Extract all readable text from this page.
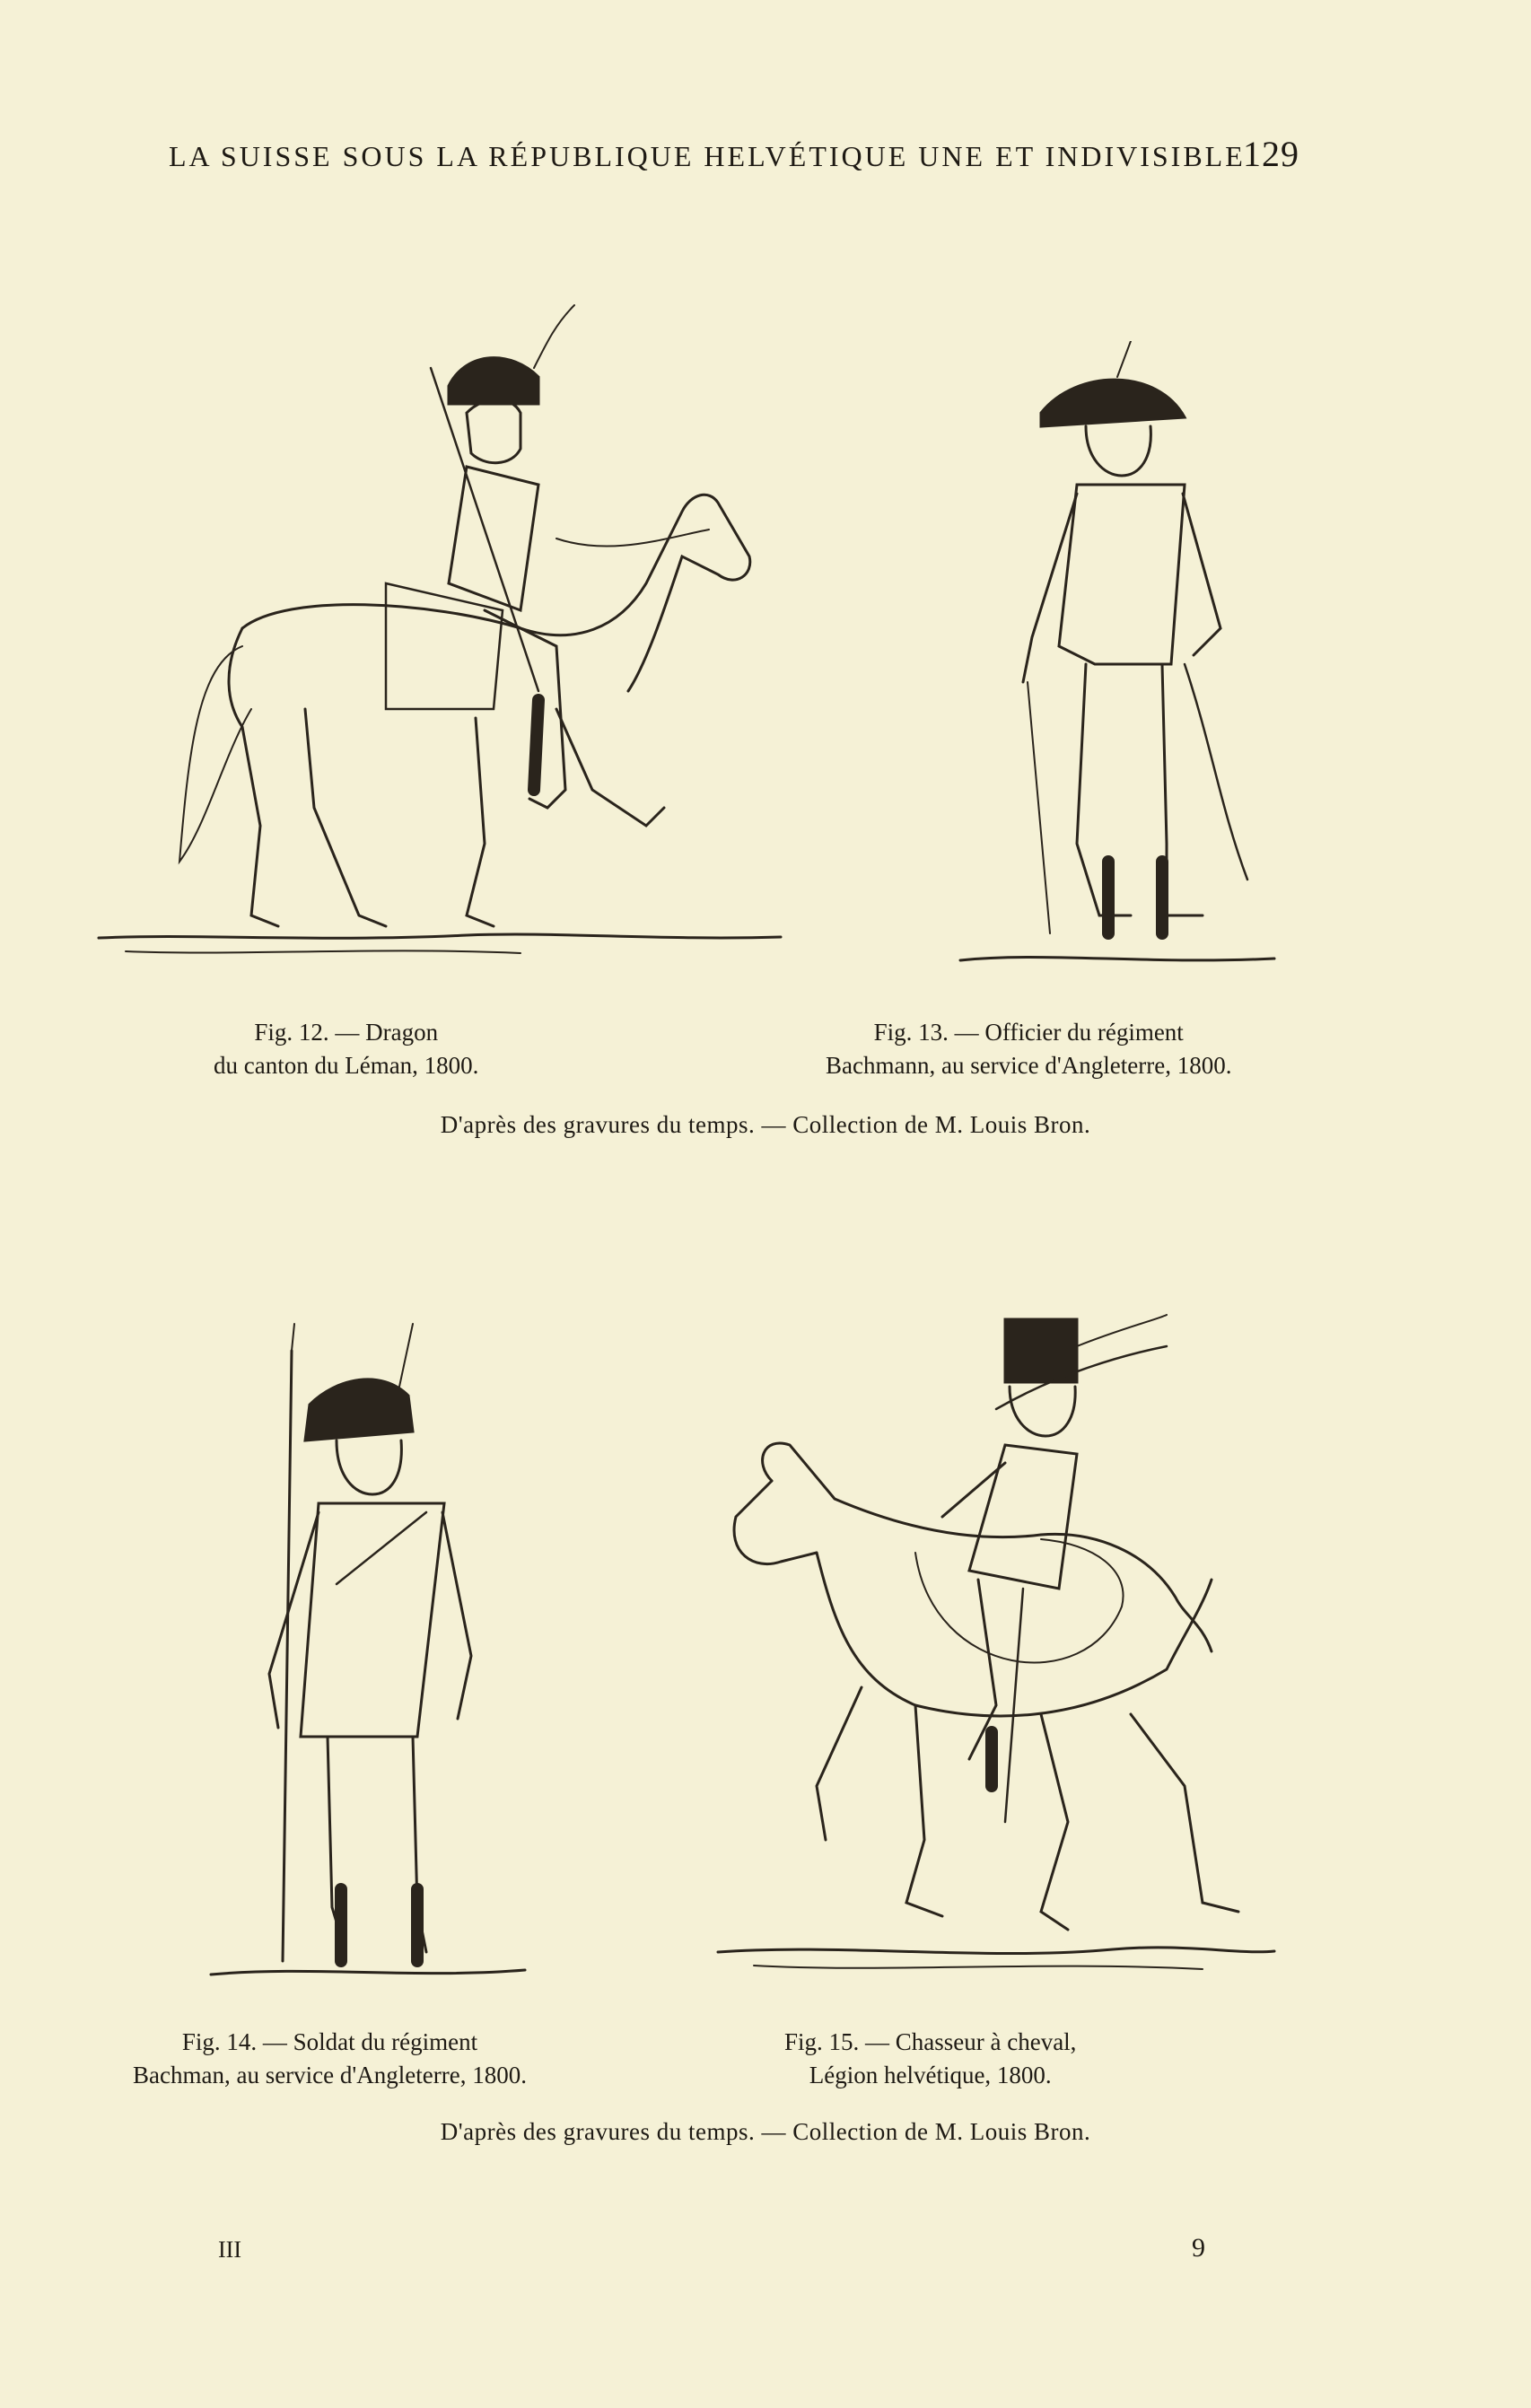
LA SUISSE SOUS LA RÉPUBLIQUE HELVÉTIQUE UNE ET INDIVISIBLE
129
Fig. 12. — Dragon
du canton du Léman, 1800.
Fig. 13. — Officier du régiment
Bachmann, au service d'Angleterre, 1800.
D'après des gravures du temps. — Collection de M. Louis Bron.
Fig. 14. — Soldat du régiment
Bachman, au service d'Angleterre, 1800.
Fig. 15. — Chasseur à cheval,
Légion helvétique, 1800.
D'après des gravures du temps. — Collection de M. Louis Bron.
III	9
